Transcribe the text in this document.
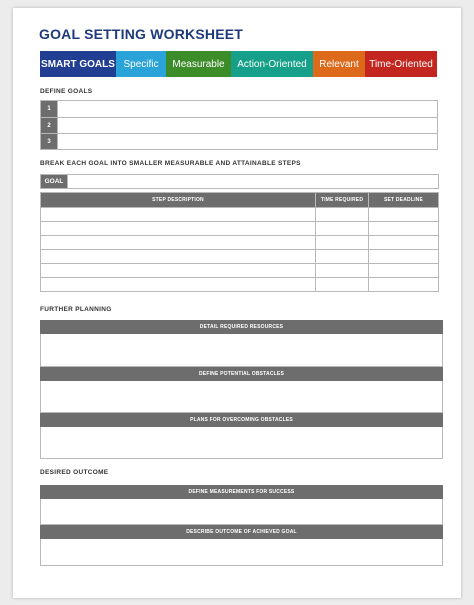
GOAL SETTING WORKSHEET
SMART GOALS Specific	Measurable	Action-Oriented	Relevant	Time-Oriented
DEFINE GOALS
1	
2	
3	
BREAK EACH GOAL INTO SMALLER MEASURABLE AND ATTAINABLE STEPS
GOAL	
STEP DESCRIPTION	TIME REQUIRED	SET DEADLINE

FURTHER PLANNING
DETAIL REQUIRED RESOURCES
DEFINE POTENTIAL OBSTACLES
PLANS FOR OVERCOMING OBSTACLES
DESIRED OUTCOME
DEFINE MEASUREMENTS FOR SUCCESS
DESCRIBE OUTCOME OF ACHIEVED GOAL
